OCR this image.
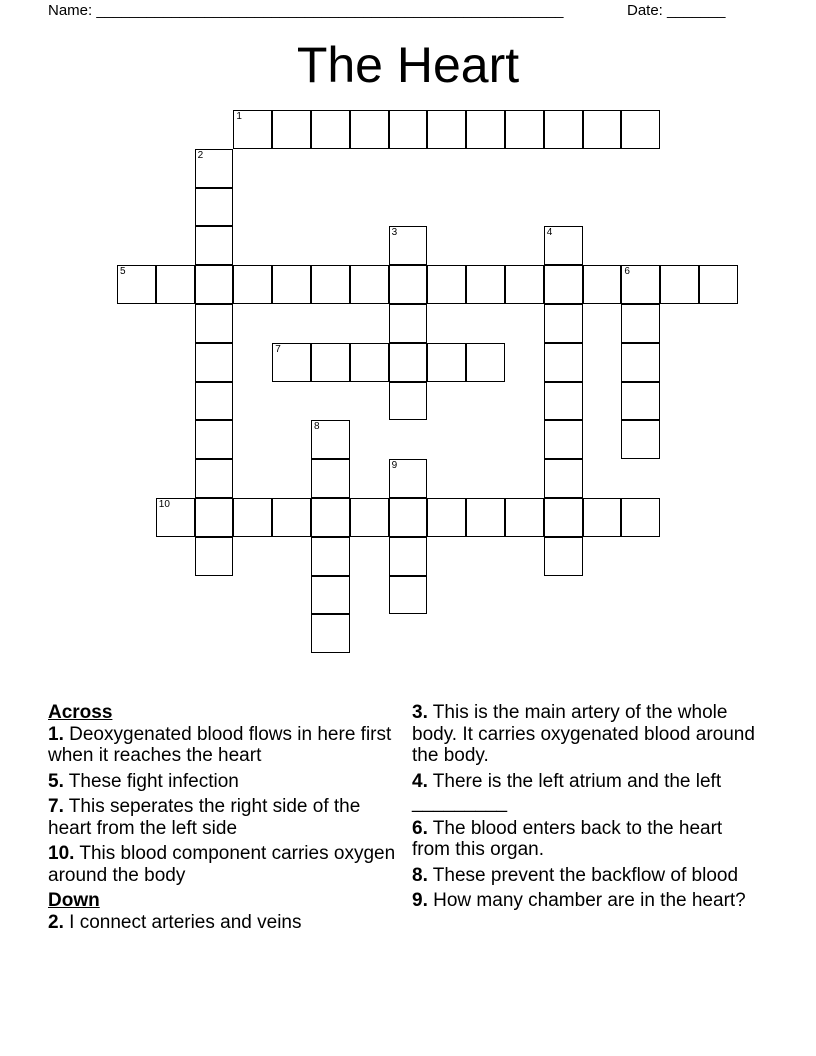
Name: ________________________________________________________	Date: _______
The Heart
1
2
3	4
5	6
7
8
9
10
Across
1. Deoxygenated blood flows in here first when it reaches the heart
5. These fight infection
7. This seperates the right side of the heart from the left side
10. This blood component carries oxygen around the body
Down
2. I connect arteries and veins
3. This is the main artery of the whole body. It carries oxygenated blood around the body.
4. There is the left atrium and the left _________
6. The blood enters back to the heart from this organ.
8. These prevent the backflow of blood
9. How many chamber are in the heart?
